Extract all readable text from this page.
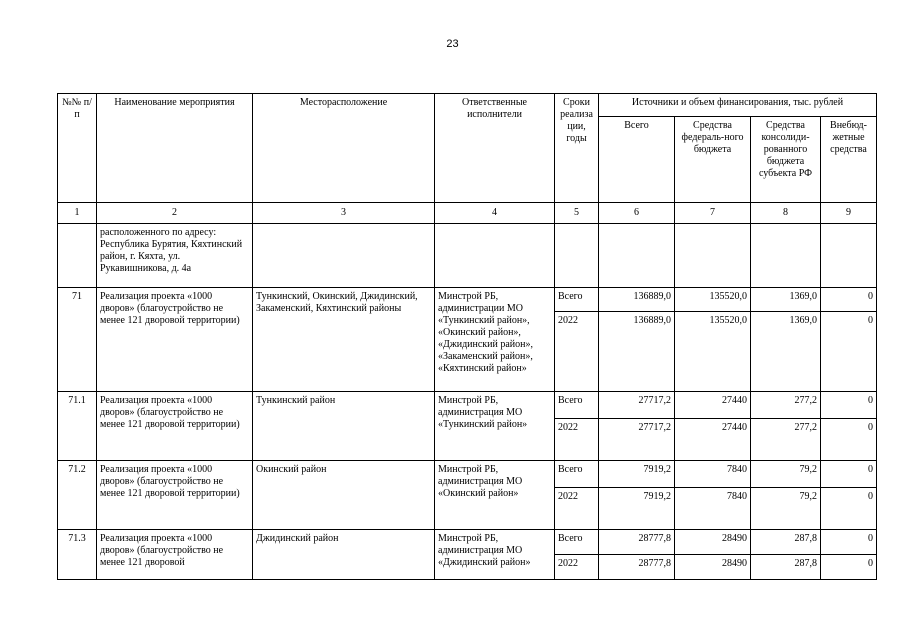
23
№№ п/п	Наименование мероприятия	Месторасположение	Ответственные исполнители	Сроки реализа ции, годы	Источники и объем финансирования, тыс. рублей			
					Всего	Средства федераль-ного бюджета	Средства консолиди-рованного бюджета субъекта РФ	Внебюд-жетные средства
1	2	3	4	5	6	7	8	9
	расположенного по адресу: Республика Бурятия, Кяхтинский район, г. Кяхта, ул. Рукавишникова, д. 4а							
71	Реализация проекта «1000 дворов» (благоустройство не менее 121 дворовой территории)	Тункинский, Окинский, Джидинский, Закаменский, Кяхтинский районы	Минстрой РБ, администрации МО «Тункинский район», «Окинский район», «Джидинский район», «Закаменский район», «Кяхтинский район»	Всего	136889,0	135520,0	1369,0	0
				2022	136889,0	135520,0	1369,0	0
71.1	Реализация проекта «1000 дворов» (благоустройство не менее 121 дворовой территории)	Тункинский район	Минстрой РБ, администрация МО «Тункинский район»	Всего	27717,2	27440	277,2	0
				2022	27717,2	27440	277,2	0
71.2	Реализация проекта «1000 дворов» (благоустройство не менее 121 дворовой территории)	Окинский район	Минстрой РБ, администрация МО «Окинский район»	Всего	7919,2	7840	79,2	0
				2022	7919,2	7840	79,2	0
71.3	Реализация проекта «1000 дворов» (благоустройство не менее 121 дворовой	Джидинский район	Минстрой РБ, администрация МО «Джидинский район»	Всего	28777,8	28490	287,8	0
				2022	28777,8	28490	287,8	0
